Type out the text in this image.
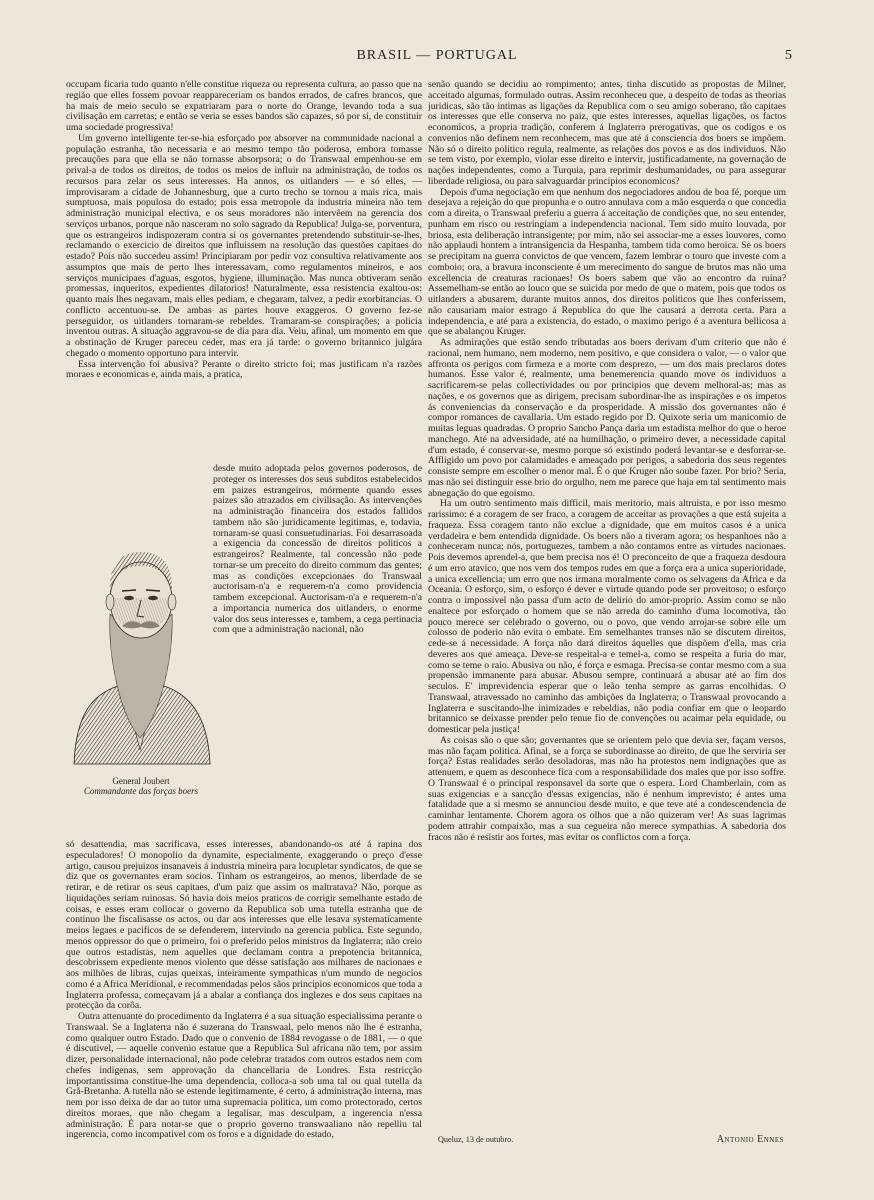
BRASIL — PORTUGAL	5

occupam ficaria tudo quanto n'elle constitue riqueza ou representa cultura, ao passo que na região que elles fossem povoar reappareceriam os bandos errados, de cafres brancos, que ha mais de meio seculo se expatriaram para o norte do Orange, levando toda a sua civilisação em carretas; e então se veria se esses bandos são capazes, só por si, de constituir uma sociedade progressiva!

Um governo intelligente ter-se-hia esforçado por absorver na communidade nacional a população estranha, tão necessaria e ao mesmo tempo tão poderosa, embora tomasse precauções para que ella se não tornasse absorpsora; o do Transwaal empenhou-se em prival-a de todos os direitos, de todos os meios de influir na administração, de todos os recursos para zelar os seus interesses. Ha annos, os uitlanders — e só elles, — improvisaram a cidade de Johannesburg, que a curto trecho se tornou a mais rica, mais sumptuosa, mais populosa do estado; pois essa metropole da industria mineira não tem administração municipal electiva, e os seus moradores não intervêem na gerencia dos serviços urbanos, porque não nasceram no solo sagrado da Republica! Julga-se, porventura, que os estrangeiros indispozeram contra si os governantes pretendendo substituir-se-lhes, reclamando o exercicio de direitos que influissem na resolução das questões capitaes do estado? Pois não succedeu assim! Principiaram por pedir voz consultiva relativamente aos assumptos que mais de perto lhes interessavam, como regulamentos mineiros, e aos serviços municipaes d'aguas, esgotos, hygiene, illuminação. Mas nunca obtiveram senão promessas, inqueritos, expedientes dilatorios! Naturalmente, essa resistencia exaltou-os: quanto mais lhes negavam, mais elles pediam, e chegaram, talvez, a pedir exorbitancias. O conflicto accentuou-se. De ambas as partes houve exaggeros. O governo fez-se perseguidor, os uitlanders tornaram-se rebeldes. Tramaram-se conspirações; a policia inventou outras. A situação aggravou-se de dia para dia. Veiu, afinal, um momento em que a obstinação de Kruger pareceu ceder, mas era já tarde: o governo britannico julgára chegado o momento opportuno para intervir.

Essa intervenção foi abusiva? Perante o direito stricto foi; mas justificam n'a razões moraes e economicas e, ainda mais, a pratica,

General Joubert
Commandante das forças boers
desde muito adoptada pelos governos poderosos, de proteger os interesses dos seus subditos estabelecidos em paizes estrangeiros, mórmente quando esses paizes são atrazados em civilisação. As intervenções na administração financeira dos estados fallidos tambem não são juridicamente legitimas, e, todavia, tornaram-se quasi consuetudinarias. Foi desarrasoada a exigencia da concessão de direitos politicos a estrangeiros? Realmente, tal concessão não pode tornar-se um preceito do direito commum das gentes; mas as condições excepcionaes do Transwaal auctorisam-n'a e requerem-n'a como providencia tambem excepcional. Auctorisam-n'a e requerem-n'a a importancia numerica dos uitlanders, o enorme valor dos seus interesses e, tambem, a cega pertinacia com que a administração nacional, não

só desattendia, mas sacrificava, esses interesses, abandonando-os até á rapina dos especuladores! O monopolio da dynamite, especialmente, exaggerando o preço d'esse artigo, causou prejuizos insanaveis á industria mineira para locupletar syndicatos, de que se diz que os governantes eram socios. Tinham os estrangeiros, ao menos, liberdade de se retirar, e de retirar os seus capitaes, d'um paiz que assim os maltratava? Não, porque as liquidações seriam ruinosas. Só havia dois meios praticos de corrigir semelhante estado de coisas, e esses eram collocar o governo da Republica sob uma tutella estranha que de continuo lhe fiscalisasse os actos, ou dar aos interesses que elle lesava systematicamente meios legaes e pacificos de se defenderem, intervindo na gerencia publica. Este segundo, menos oppressor do que o primeiro, foi o preferido pelos ministros da Inglaterra; não creio que outros estadistas, nem aquelles que declamam contra a prepotencia britannica, descobrissem expediente menos violento que désse satisfação aos milhares de nacionaes e aos milhões de libras, cujas queixas, inteiramente sympathicas n'um mundo de negocios como é a Africa Meridional, e recommendadas pelos sãos principios economicos que toda a Inglaterra professa, começavam já a abalar a confiança dos inglezes e dos seus capitaes na protecção da corôa.

Outra attenuante do procedimento da Inglaterra é a sua situação especialissima perante o Transwaal. Se a Inglaterra não é suzerana do Transwaal, pelo menos não lhe é estranha, como qualquer outro Estado. Dado que o convenio de 1884 revogasse o de 1881, — o que é discutivel, — aquelle convenio estatue que a Republica Sul africana não tem, por assim dizer, personalidade internacional, não pode celebrar tratados com outros estados nem com chefes indigenas, sem approvação da chancellaria de Londres. Esta restricção importantissima constitue-lhe uma dependencia, colloca-a sob uma tal ou qual tutella da Grã-Bretanha. A tutella não se estende legitimamente, é certo, á administração interna, mas nem por isso deixa de dar ao tutor uma supremacia politica, um como protectorado, certos direitos moraes, que não chegam a legalisar, mas desculpam, a ingerencia n'essa administração. É para notar-se que o proprio governo transwaaliano não repelliu tal ingerencia, como incompativel com os foros e a dignidade do estado,

senão quando se decidiu ao rompimento; antes, tinha discutido as propostas de Milner, acceitado algumas, formulado outras. Assim reconheceu que, a despeito de todas as theorias juridicas, são tão intimas as ligações da Republica com o seu amigo soberano, tão capitaes os interesses que elle conserva no paiz, que estes interesses, aquellas ligações, os factos economicos, a propria tradição, conferem á Inglaterra prerogativas, que os codigos e os convenios não definem nem reconhecem, mas que até á consciencia dos boers se impõem. Não só o direito politico regula, realmente, as relações dos povos e as dos individuos. Não se tem visto, por exemplo, violar esse direito e intervir, justificadamente, na governação de nações independentes, como a Turquia, para reprimir deshumanidades, ou para assegurar liberdade religiosa, ou para salvaguardar principios economicos?

Depois d'uma negociação em que nenhum dos negociadores andou de boa fé, porque um desejava a rejeição do que propunha e o outro annulava com a mão esquerda o que concedia com a direita, o Transwaal preferiu a guerra á acceitação de condições que, no seu entender, punham em risco ou restringiam a independencia nacional. Tem sido muito louvada, por briosa, esta deliberação intransigente; por mim, não sei associar-me a esses louvores, como não applaudi hontem a intransigencia da Hespanha, tambem tida como heroica. Se os boers se precipitam na guerra convictos de que vencem, fazem lembrar o touro que investe com a comboio; ora, a bravura inconsciente é um merecimento do sangue de brutos mas não uma excellencia de creaturas racionaes! Os boers sabem que vão ao encontro da ruina? Assemelham-se então ao louco que se suicida por medo de que o matem, pois que todos os uitlanders a abusarem, durante muitos annos, dos direitos politicos que lhes conferissem, não causariam maior estrago á Republica do que lhe causará a derrota certa. Para a independencia, e até para a existencia, do estado, o maximo perigo é a aventura bellicosa a que se abalançou Kruger.

As admirações que estão sendo tributadas aos boers derivam d'um criterio que não é racional, nem humano, nem moderno, nem positivo, e que considera o valor, — o valor que affronta os perigos com firmeza e a morte com desprezo, — um dos mais preclaros dotes humanos. Esse valor é, realmente, uma benemerencia quando move os individuos a sacrificarem-se pelas collectividades ou por principios que devem melhoral-as; mas as nações, e os governos que as dirigem, precisam subordinar-lhe as inspirações e os impetos ás conveniencias da conservação e da prosperidade. A missão dos governantes não é compor romances de cavallaria. Um estado regido por D. Quixote seria um manicomio de muitas leguas quadradas. O proprio Sancho Pança daria um estadista melhor do que o heroe manchego. Até na adversidade, até na humilhação, o primeiro dever, a necessidade capital d'um estado, é conservar-se, mesmo porque só existindo poderá levantar-se e desforrar-se. Affligido um povo por calamidades e ameaçado por perigos, a sabedoria dos seus regentes consiste sempre em escolher o menor mal. É o que Kruger não soube fazer. Por brio? Seria, mas não sei distinguir esse brio do orgulho, nem me parece que haja em tal sentimento mais abnegação do que egoismo.

Ha um outro sentimento mais difficil, mais meritorio, mais altruista, e por isso mesmo rarissimo: é a coragem de ser fraco, a coragem de acceitar as provações a que está sujeita a fraqueza. Essa coragem tanto não exclue a dignidade, que em muitos casos é a unica verdadeira e bem entendida dignidade. Os boers não a tiveram agora; os hespanhoes não a conheceram nunca; nós, portuguezes, tambem a não contamos entre as virtudes nacionaes. Pois devemos aprendel-a, que bem precisa nos é! O preconceito de que a fraqueza desdoura é um erro atavico, que nos vem dos tempos rudes em que a força era a unica superioridade, a unica excellencia; um erro que nos irmana moralmente como os selvagens da Africa e da Oceania. O esforço, sim, o esforço é dever e virtude quando pode ser proveitoso; o esforço contra o impossivel não passa d'um acto de delirio do amor-proprio. Assim como se não enaltece por esforçado o homem que se não arreda do caminho d'uma locomotiva, tão pouco merece ser celebrado o governo, ou o povo, que vendo arrojar-se sobre elle um colosso de poderio não evita o embate. Em semelhantes transes não se discutem direitos, cede-se á necessidade. A força não dará direitos áquelles que dispõem d'ella, mas cria deveres aos que ameaça. Deve-se respeital-a e temel-a, como se respeita a furia do mar, como se teme o raio. Abusiva ou não, é força e esmaga. Precisa-se contar mesmo com a sua propensão immanente para abusar. Abusou sempre, continuará a abusar até ao fim dos seculos. E' imprevidencia esperar que o leão tenha sempre as garras encolhidas. O Transwaal, atravessado no caminho das ambições da Inglaterra; o Transwaal provocando a Inglaterra e suscitando-lhe inimizades e rebeldias, não podia confiar em que o leopardo britannico se deixasse prender pelo tenue fio de convenções ou acaimar pela equidade, ou domesticar pela justiça!

As coisas são o que são; governantes que se orientem pelo que devia ser, façam versos, mas não façam politica. Afinal, se a força se subordinasse ao direito, de que lhe serviria ser força? Estas realidades serão desoladoras, mas não ha protestos nem indignações que as attenuem, e quem as desconhece fica com a responsabilidade dos males que por isso soffre. O Transwaal é o principal responsavel da sorte que o espera. Lord Chamberlain, com as suas exigencias e a sancção d'essas exigencias, não é nenhum imprevisto; é antes uma fatalidade que a si mesmo se annunciou desde muito, e que teve até a condescendencia de caminhar lentamente. Chorem agora os olhos que a não quizeram ver! As suas lagrimas podem attrahir compaixão, mas a sua cegueira não merece sympathias. A sabedoria dos fracos não é resistir aos fortes, mas evitar os conflictos com a força.

Queluz, 13 de outubro.	Antonio Ennes
